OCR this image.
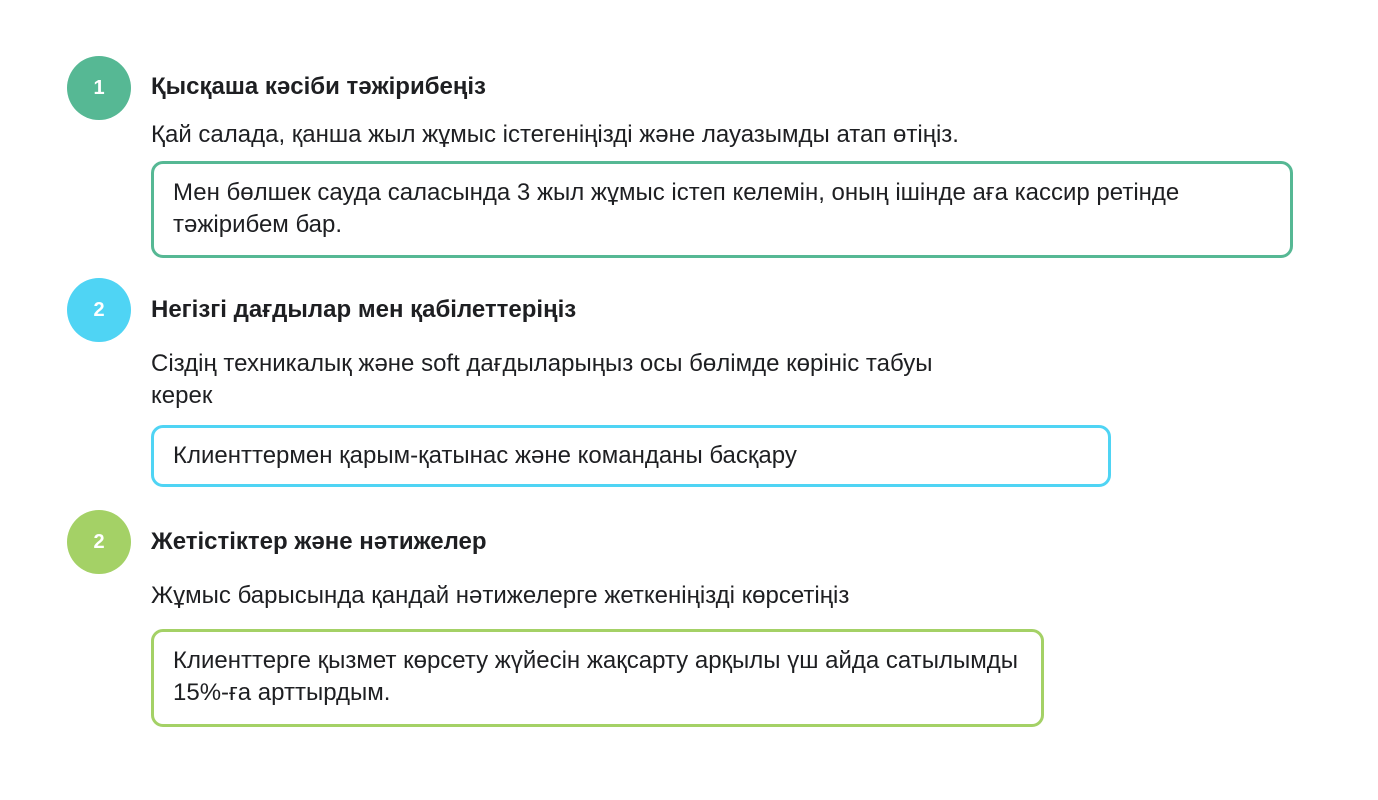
1	Қысқаша кәсіби тәжірибеңіз
Қай салада, қанша жыл жұмыс істегеніңізді және лауазымды атап өтіңіз.
Мен бөлшек сауда саласында 3 жыл жұмыс істеп келемін, оның ішінде аға кассир ретінде тәжірибем бар.
2	Негізгі дағдылар мен қабілеттеріңіз
Сіздің техникалық және soft дағдыларыңыз осы бөлімде көрініс табуы керек
Клиенттермен қарым-қатынас және команданы басқару
2	Жетістіктер және нәтижелер
Жұмыс барысында қандай нәтижелерге жеткеніңізді көрсетіңіз
Клиенттерге қызмет көрсету жүйесін жақсарту арқылы үш айда сатылымды 15%-ға арттырдым.
